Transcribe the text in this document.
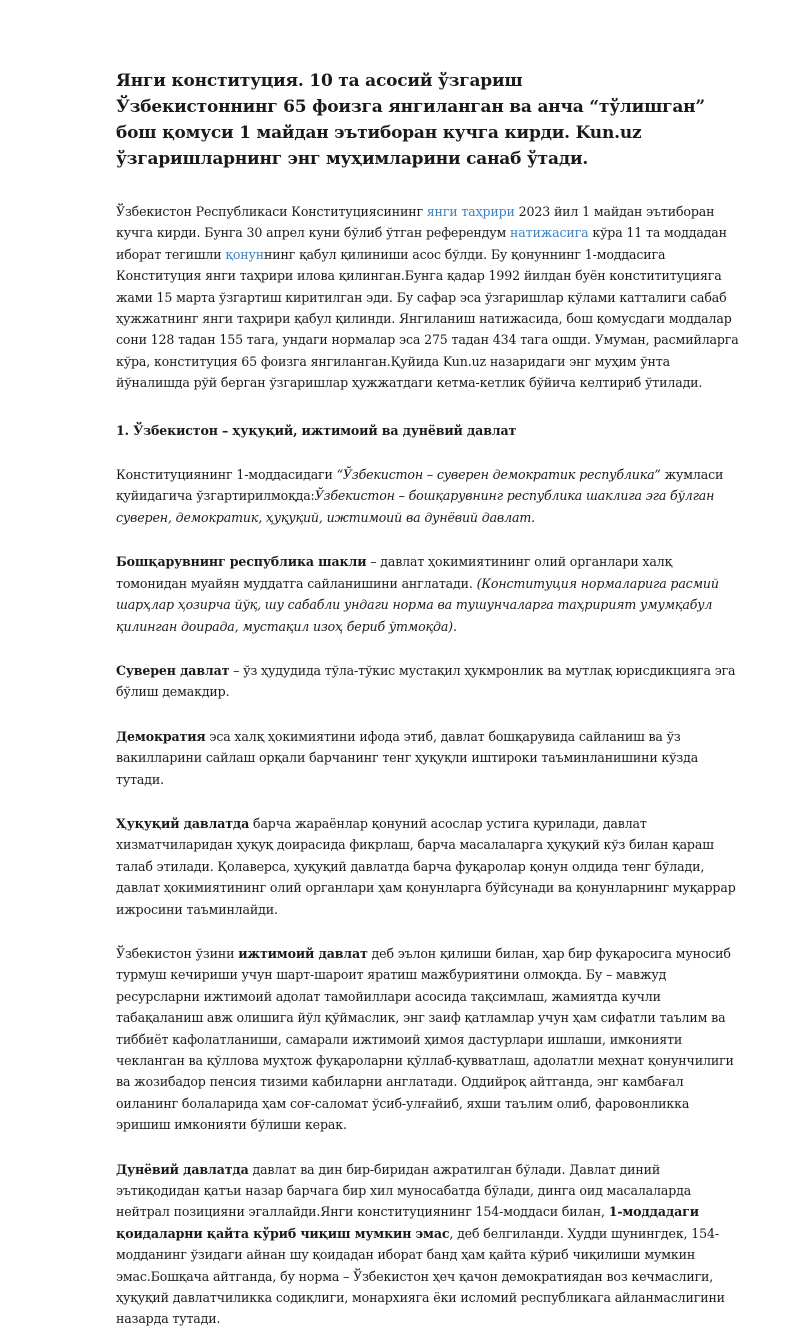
Янги конституция. 10 та асосий ўзгариш
Ўзбекистоннинг 65 фоизга янгиланган ва анча “тўлишган” бош қомуси 1 майдан эътиборан кучга кирди. Kun.uz ўзгаришларнинг энг муҳимларини санаб ўтади.

Ўзбекистон Республикаси Конституциясининг янги таҳрири 2023 йил 1 майдан эътиборан кучга кирди. Бунга 30 апрел куни бўлиб ўтган референдум натижасига кўра 11 та моддадан иборат тегишли қонуннинг қабул қилиниши асос бўлди. Бу қонуннинг 1-моддасига Конституция янги таҳрири илова қилинган.Бунга қадар 1992 йилдан буён констититуцияга жами 15 марта ўзгартиш киритилган эди. Бу сафар эса ўзгаришлар кўлами катталиги сабаб ҳужжатнинг янги таҳрири қабул қилинди. Янгиланиш натижасида, бош қомусдаги моддалар сони 128 тадан 155 тага, ундаги нормалар эса 275 тадан 434 тага ошди. Умуман, расмийларга кўра, конституция 65 фоизга янгиланган.Қуйида Kun.uz назаридаги энг муҳим ўнта йўналишда рўй берган ўзгаришлар ҳужжатдаги кетма-кетлик бўйича келтириб ўтилади.

1. Ўзбекистон – ҳуқуқий, ижтимоий ва дунёвий давлат

Конституциянинг 1-моддасидаги “Ўзбекистон – суверен демократик республика” жумласи қуйидагича ўзгартирилмоқда:Ўзбекистон – бошқарувнинг республика шаклига эга бўлган суверен, демократик, ҳуқуқий, ижтимоий ва дунёвий давлат.

Бошқарувнинг республика шакли – давлат ҳокимиятининг олий органлари халқ томонидан муайян муддатга сайланишини англатади. (Конституция нормаларига расмий шарҳлар ҳозирча йўқ, шу сабабли ундаги норма ва тушунчаларга таҳририят умумқабул қилинган доирада, мустақил изоҳ бериб ўтмоқда).

Суверен давлат – ўз ҳудудида тўла-тўкис мустақил ҳукмронлик ва мутлақ юрисдикцияга эга бўлиш демакдир.

Демократия эса халқ ҳокимиятини ифода этиб, давлат бошқарувида сайланиш ва ўз вакилларини сайлаш орқали барчанинг тенг ҳуқуқли иштироки таъминланишини кўзда тутади.

Ҳуқуқий давлатда барча жараёнлар қонуний асослар устига қурилади, давлат хизматчиларидан ҳуқуқ доирасида фикрлаш, барча масалаларга ҳуқуқий кўз билан қараш талаб этилади. Қолаверса, ҳуқуқий давлатда барча фуқаролар қонун олдида тенг бўлади, давлат ҳокимиятининг олий органлари ҳам қонунларга бўйсунади ва қонунларнинг муқаррар ижросини таъминлайди.

Ўзбекистон ўзини ижтимоий давлат деб эълон қилиши билан, ҳар бир фуқаросига муносиб турмуш кечириши учун шарт-шароит яратиш мажбуриятини олмоқда. Бу – мавжуд ресурсларни ижтимоий адолат тамойиллари асосида тақсимлаш, жамиятда кучли табақаланиш авж олишига йўл қўймаслик, энг заиф қатламлар учун ҳам сифатли таълим ва тиббиёт кафолатланиши, самарали ижтимоий ҳимоя дастурлари ишлаши, имконияти чекланган ва қўллова муҳтож фуқароларни қўллаб-қувватлаш, адолатли меҳнат қонунчилиги ва жозибадор пенсия тизими кабиларни англатади. Оддийроқ айтганда, энг камбағал оиланинг болаларида ҳам соғ-саломат ўсиб-улғайиб, яхши таълим олиб, фаровонликка эришиш имконияти бўлиши керак.

Дунёвий давлатда давлат ва дин бир-биридан ажратилган бўлади. Давлат диний эътиқодидан қатъи назар барчага бир хил муносабатда бўлади, динга оид масалаларда нейтрал позицияни эгаллайди.Янги конституциянинг 154-моддаси билан, 1-моддадаги қоидаларни қайта кўриб чиқиш мумкин эмас, деб белгиланди. Худди шунингдек, 154-модданинг ўзидаги айнан шу қоидадан иборат банд ҳам қайта кўриб чиқилиши мумкин эмас.Бошқача айтганда, бу норма – Ўзбекистон ҳеч қачон демократиядан воз кечмаслиги, ҳуқуқий давлатчиликка содиқлиги, монархияга ёки исломий республикага айланмаслигини назарда тутади.
